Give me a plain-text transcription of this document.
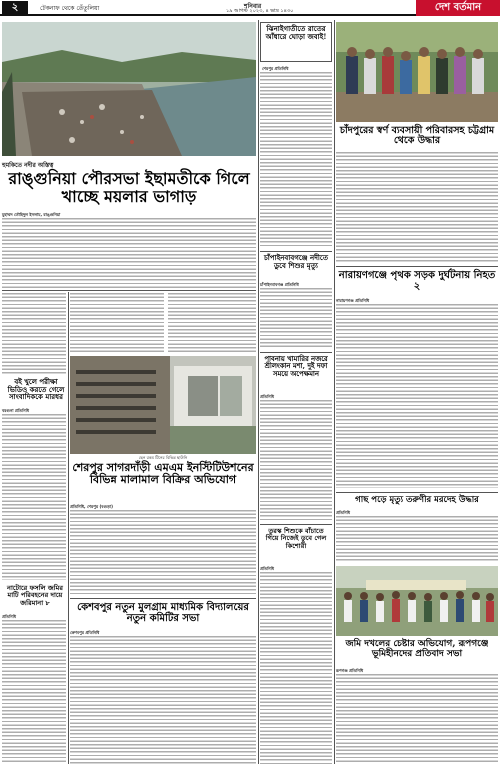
২	টেকনাফ থেকে তেঁতুলিয়া	শনিবার
১৯ আগস্ট ২০২৩, ৪ ভাদ্র ১৪৩০	দেশ বর্তমান
হুমকিতে নদীর অস্তিত্ব
রাঙ্গুনিয়া পৌরসভা ইছামতীকে গিলে খাচ্ছে ময়লার ভাগাড়
মুহাম্মদ তৌহিদুল ইসলাম, রাঙ্গুনিয়া
বই খুলে পরীক্ষা ভিডিও করতে গেলে সাংবাদিককে মারধর
বরগুনা প্রতিনিধি
নাটোরে ফসলি জমির মাটি পরিবহনের দায়ে জরিমানা ৮
প্রতিনিধি
ছেন রকম টিনের বিভিন্ন ছাউনি
শেরপুর সাগরদাঁড়ী এমএম ইনস্টিটিউশনের বিভিন্ন মালামাল বিক্রির অভিযোগ
প্রতিনিধি, শেরপুর (বগুড়া)
কেশবপুর নতুন মুলগ্রাম মাধ্যমিক বিদ্যালয়ের নতুন কমিটির সভা
কেশবপুর প্রতিনিধি
ঝিনাইগাতীতে রাতের আঁধারে ঘোড়া জবাই!
শেরপুর প্রতিনিধি
চাঁপাইনবাবগঞ্জে নদীতে ডুবে শিশুর মৃত্যু
চাঁপাইনবাবগঞ্জ প্রতিনিধি
পাবনায় খামারির নজরে শ্রীলংকান মশা, দুই দফা সময়ে অপেক্ষমান
প্রতিনিধি
তুরস্ক শিশুকে বাঁচাতে গিয়ে নিজেই ডুবে গেল কিশোরী
প্রতিনিধি
চাঁদপুরের স্বর্ণ ব্যবসায়ী পরিবারসহ চট্টগ্রাম থেকে উদ্ধার
নারায়ণগঞ্জে পৃথক সড়ক দুর্ঘটনায় নিহত ২
নারায়ণগঞ্জ প্রতিনিধি
গাছ পড়ে মৃত্যু তরুণীর মরদেহ উদ্ধার
প্রতিনিধি
জমি দখলের চেষ্টার অভিযোগ, রূপগঞ্জে ভূমিহীনদের প্রতিবাদ সভা
রূপগঞ্জ প্রতিনিধি
